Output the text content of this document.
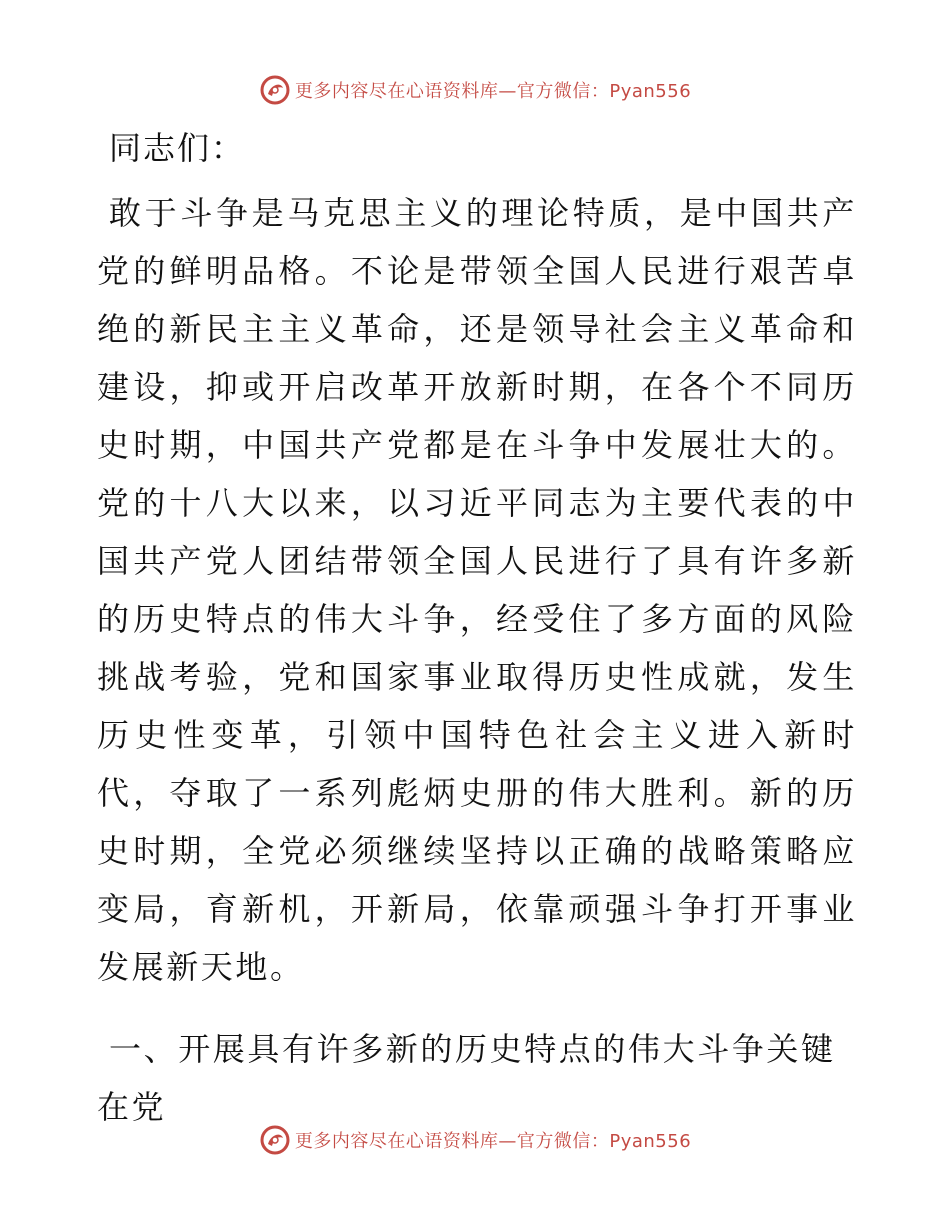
更多内容尽在心语资料库—官方微信：Pyan556

同志们：

敢于斗争是马克思主义的理论特质，是中国共产党的鲜明品格。不论是带领全国人民进行艰苦卓绝的新民主主义革命，还是领导社会主义革命和建设，抑或开启改革开放新时期，在各个不同历史时期，中国共产党都是在斗争中发展壮大的。党的十八大以来，以习近平同志为主要代表的中国共产党人团结带领全国人民进行了具有许多新的历史特点的伟大斗争，经受住了多方面的风险挑战考验，党和国家事业取得历史性成就，发生历史性变革，引领中国特色社会主义进入新时代，夺取了一系列彪炳史册的伟大胜利。新的历史时期，全党必须继续坚持以正确的战略策略应变局，育新机，开新局，依靠顽强斗争打开事业发展新天地。

一、开展具有许多新的历史特点的伟大斗争关键在党

更多内容尽在心语资料库—官方微信：Pyan556
